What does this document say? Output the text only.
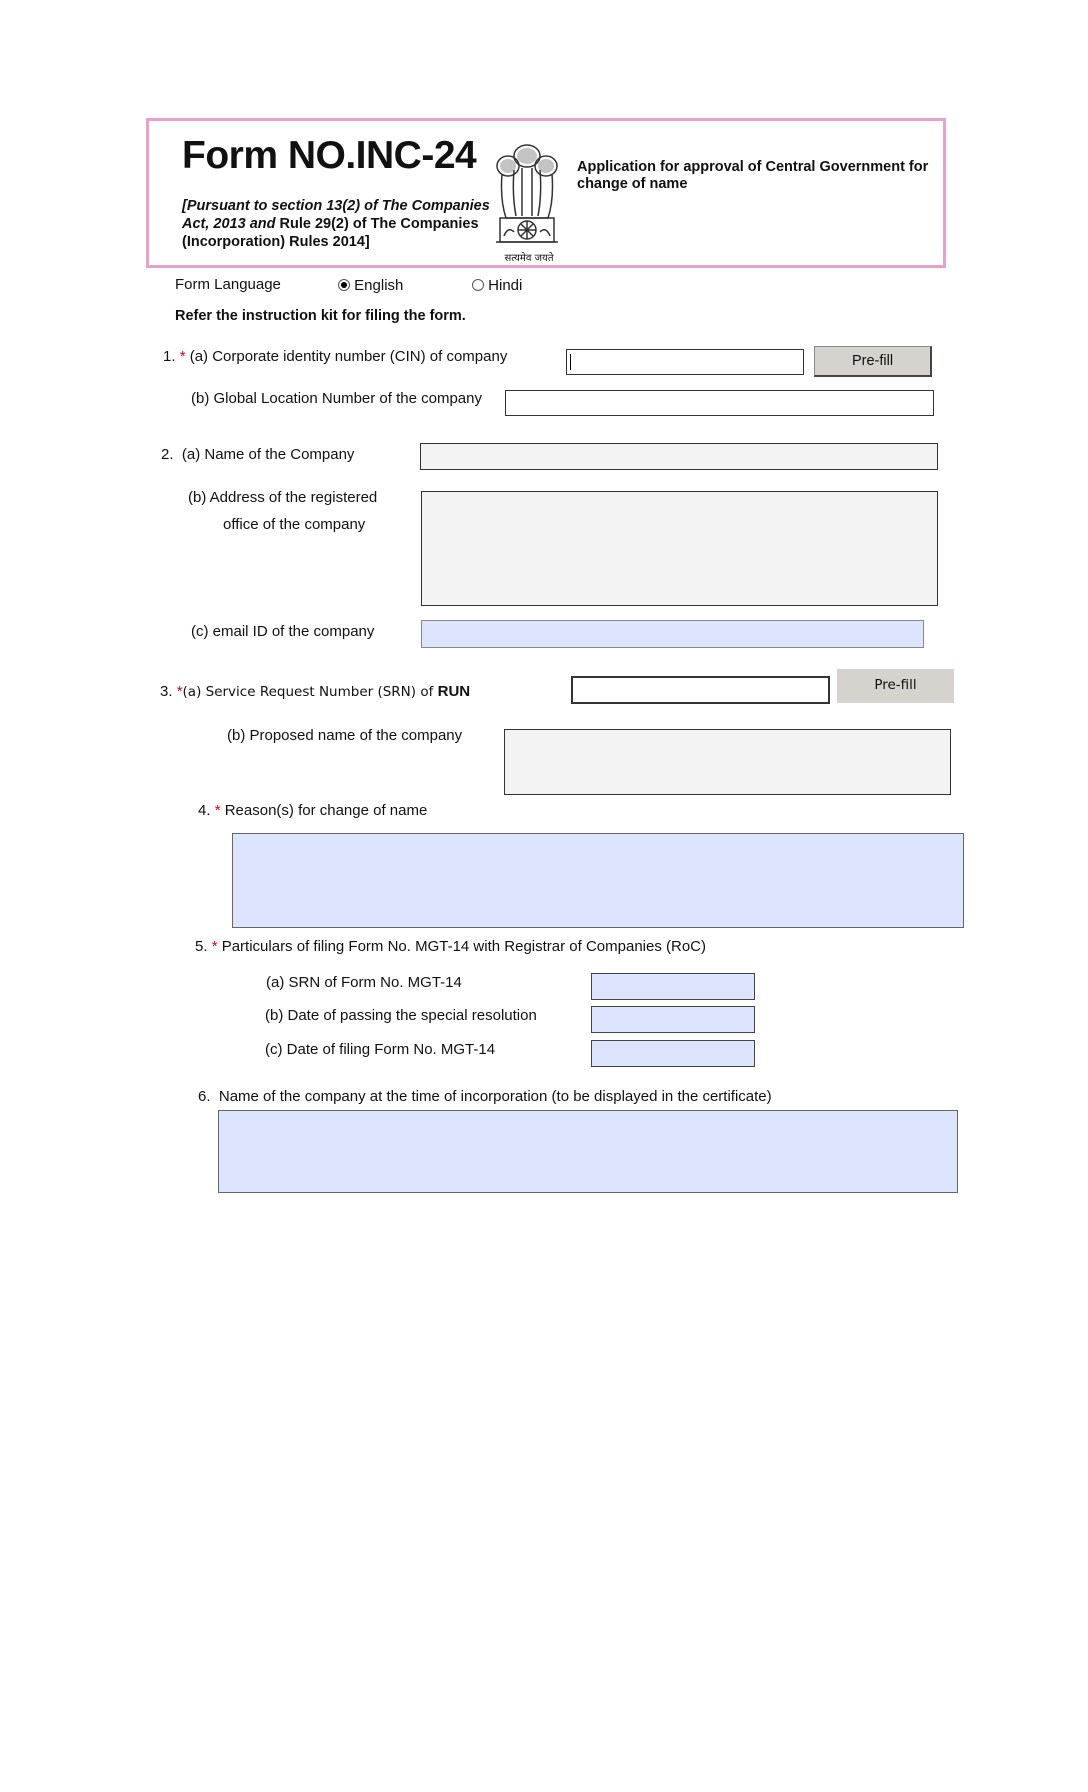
Form NO.INC-24
[Pursuant to section 13(2) of The Companies
Act, 2013 and Rule 29(2) of The Companies
(Incorporation) Rules 2014]
सत्यमेव जयते
Application for approval of Central Government for change of name
Form Language	English	Hindi
Refer the instruction kit for filing the form.
1. * (a) Corporate identity number (CIN) of company	Pre-fill
(b) Global Location Number of the company
2. (a) Name of the Company
(b) Address of the registered
office of the company
(c) email ID of the company
3. *(a) Service Request Number (SRN) of RUN	Pre-fill
(b) Proposed name of the company
4. * Reason(s) for change of name
5. * Particulars of filing Form No. MGT-14 with Registrar of Companies (RoC)
(a) SRN of Form No. MGT-14
(b) Date of passing the special resolution
(c) Date of filing Form No. MGT-14
6. Name of the company at the time of incorporation (to be displayed in the certificate)
